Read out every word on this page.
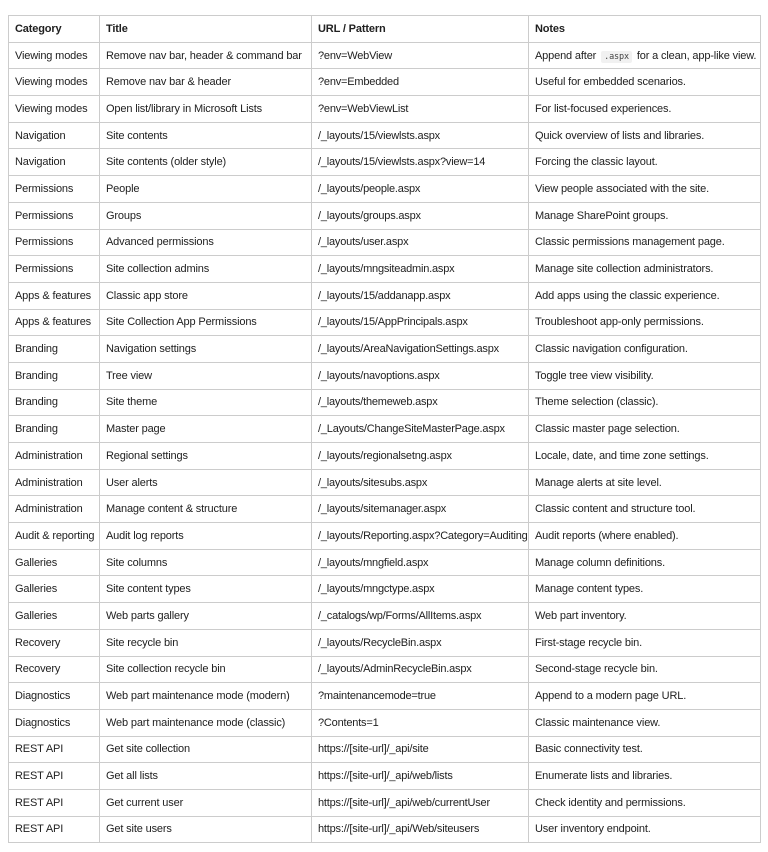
Category	Title	URL / Pattern	Notes
Viewing modes	Remove nav bar, header & command bar	?env=WebView	Append after .aspx for a clean, app-like view.
Viewing modes	Remove nav bar & header	?env=Embedded	Useful for embedded scenarios.
Viewing modes	Open list/library in Microsoft Lists	?env=WebViewList	For list-focused experiences.
Navigation	Site contents	/_layouts/15/viewlsts.aspx	Quick overview of lists and libraries.
Navigation	Site contents (older style)	/_layouts/15/viewlsts.aspx?view=14	Forcing the classic layout.
Permissions	People	/_layouts/people.aspx	View people associated with the site.
Permissions	Groups	/_layouts/groups.aspx	Manage SharePoint groups.
Permissions	Advanced permissions	/_layouts/user.aspx	Classic permissions management page.
Permissions	Site collection admins	/_layouts/mngsiteadmin.aspx	Manage site collection administrators.
Apps & features	Classic app store	/_layouts/15/addanapp.aspx	Add apps using the classic experience.
Apps & features	Site Collection App Permissions	/_layouts/15/AppPrincipals.aspx	Troubleshoot app-only permissions.
Branding	Navigation settings	/_layouts/AreaNavigationSettings.aspx	Classic navigation configuration.
Branding	Tree view	/_layouts/navoptions.aspx	Toggle tree view visibility.
Branding	Site theme	/_layouts/themeweb.aspx	Theme selection (classic).
Branding	Master page	/_Layouts/ChangeSiteMasterPage.aspx	Classic master page selection.
Administration	Regional settings	/_layouts/regionalsetng.aspx	Locale, date, and time zone settings.
Administration	User alerts	/_layouts/sitesubs.aspx	Manage alerts at site level.
Administration	Manage content & structure	/_layouts/sitemanager.aspx	Classic content and structure tool.
Audit & reporting	Audit log reports	/_layouts/Reporting.aspx?Category=Auditing	Audit reports (where enabled).
Galleries	Site columns	/_layouts/mngfield.aspx	Manage column definitions.
Galleries	Site content types	/_layouts/mngctype.aspx	Manage content types.
Galleries	Web parts gallery	/_catalogs/wp/Forms/AllItems.aspx	Web part inventory.
Recovery	Site recycle bin	/_layouts/RecycleBin.aspx	First-stage recycle bin.
Recovery	Site collection recycle bin	/_layouts/AdminRecycleBin.aspx	Second-stage recycle bin.
Diagnostics	Web part maintenance mode (modern)	?maintenancemode=true	Append to a modern page URL.
Diagnostics	Web part maintenance mode (classic)	?Contents=1	Classic maintenance view.
REST API	Get site collection	https://[site-url]/_api/site	Basic connectivity test.
REST API	Get all lists	https://[site-url]/_api/web/lists	Enumerate lists and libraries.
REST API	Get current user	https://[site-url]/_api/web/currentUser	Check identity and permissions.
REST API	Get site users	https://[site-url]/_api/Web/siteusers	User inventory endpoint.
